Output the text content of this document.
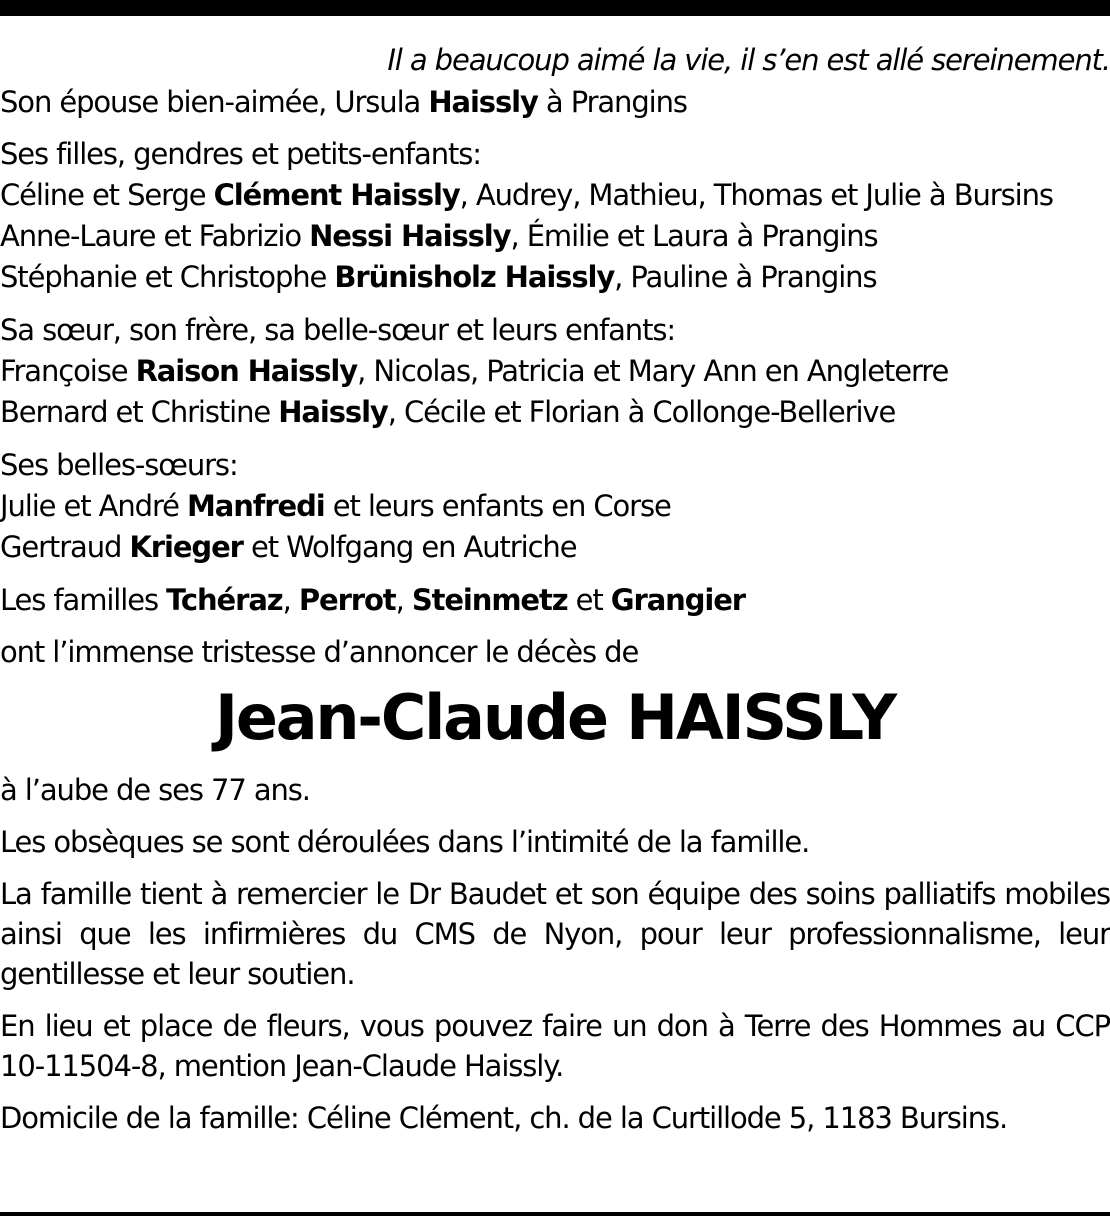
Il a beaucoup aimé la vie, il s’en est allé sereinement.

Son épouse bien-aimée, Ursula Haissly à Prangins

Ses filles, gendres et petits-enfants:

Céline et Serge Clément Haissly, Audrey, Mathieu, Thomas et Julie à Bursins

Anne-Laure et Fabrizio Nessi Haissly, Émilie et Laura à Prangins

Stéphanie et Christophe Brünisholz Haissly, Pauline à Prangins

Sa sœur, son frère, sa belle-sœur et leurs enfants:

Françoise Raison Haissly, Nicolas, Patricia et Mary Ann en Angleterre

Bernard et Christine Haissly, Cécile et Florian à Collonge-Bellerive

Ses belles-sœurs:

Julie et André Manfredi et leurs enfants en Corse

Gertraud Krieger et Wolfgang en Autriche

Les familles Tchéraz, Perrot, Steinmetz et Grangier

ont l’immense tristesse d’annoncer le décès de

Jean-Claude HAISSLY

à l’aube de ses 77 ans.

Les obsèques se sont déroulées dans l’intimité de la famille.

La famille tient à remercier le Dr Baudet et son équipe des soins palliatifs mobiles ainsi que les infirmières du CMS de Nyon, pour leur professionnalisme, leur gentillesse et leur soutien.

En lieu et place de fleurs, vous pouvez faire un don à Terre des Hommes au CCP 10-11504-8, mention Jean-Claude Haissly.

Domicile de la famille: Céline Clément, ch. de la Curtillode 5, 1183 Bursins.
